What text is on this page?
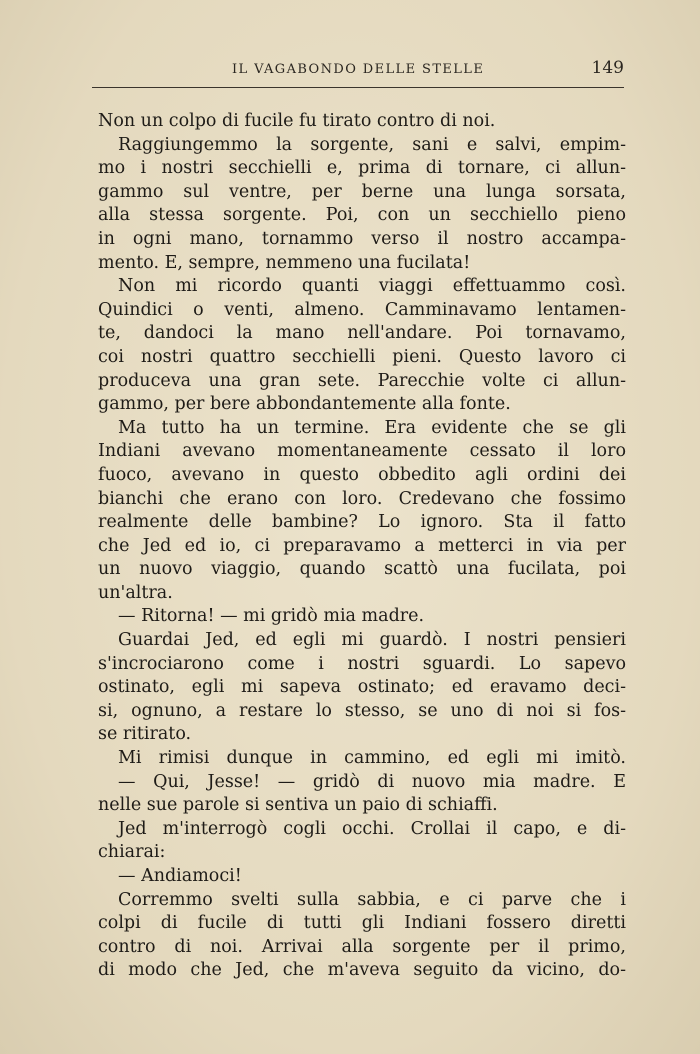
IL VAGABONDO DELLE STELLE	149
Non un colpo di fucile fu tirato contro di noi.
Raggiungemmo la sorgente, sani e salvi, empim-
mo i nostri secchielli e, prima di tornare, ci allun-
gammo sul ventre, per berne una lunga sorsata,
alla stessa sorgente. Poi, con un secchiello pieno
in ogni mano, tornammo verso il nostro accampa-
mento. E, sempre, nemmeno una fucilata!
Non mi ricordo quanti viaggi effettuammo così.
Quindici o venti, almeno. Camminavamo lentamen-
te, dandoci la mano nell'andare. Poi tornavamo,
coi nostri quattro secchielli pieni. Questo lavoro ci
produceva una gran sete. Parecchie volte ci allun-
gammo, per bere abbondantemente alla fonte.
Ma tutto ha un termine. Era evidente che se gli
Indiani avevano momentaneamente cessato il loro
fuoco, avevano in questo obbedito agli ordini dei
bianchi che erano con loro. Credevano che fossimo
realmente delle bambine? Lo ignoro. Sta il fatto
che Jed ed io, ci preparavamo a metterci in via per
un nuovo viaggio, quando scattò una fucilata, poi
un'altra.
— Ritorna! — mi gridò mia madre.
Guardai Jed, ed egli mi guardò. I nostri pensieri
s'incrociarono come i nostri sguardi. Lo sapevo
ostinato, egli mi sapeva ostinato; ed eravamo deci-
si, ognuno, a restare lo stesso, se uno di noi si fos-
se ritirato.
Mi rimisi dunque in cammino, ed egli mi imitò.
— Qui, Jesse! — gridò di nuovo mia madre. E
nelle sue parole si sentiva un paio di schiaffi.
Jed m'interrogò cogli occhi. Crollai il capo, e di-
chiarai:
— Andiamoci!
Corremmo svelti sulla sabbia, e ci parve che i
colpi di fucile di tutti gli Indiani fossero diretti
contro di noi. Arrivai alla sorgente per il primo,
di modo che Jed, che m'aveva seguito da vicino, do-
